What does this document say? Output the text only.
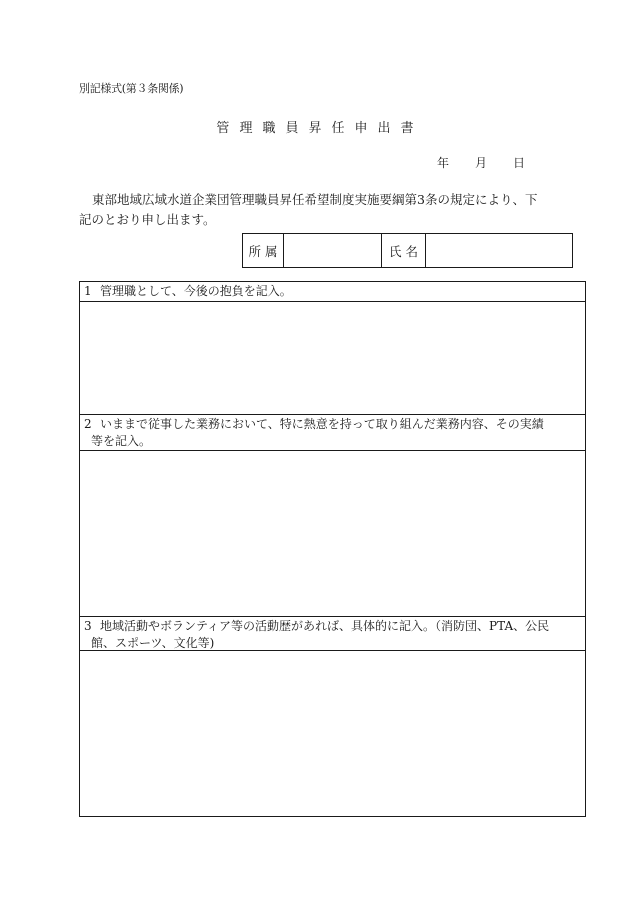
別記様式(第３条関係)
管 理 職 員 昇 任 申 出 書
年 月 日
東部地域広域水道企業団管理職員昇任希望制度実施要綱第3条の規定により、下
記のとおり申し出ます。
所 属		氏 名	
1 管理職として、今後の抱負を記入。
2 いままで従事した業務において、特に熱意を持って取り組んだ業務内容、その実績
等を記入。
3 地域活動やボランティア等の活動歴があれば、具体的に記入。（消防団、PTA、公民
館、スポーツ、文化等)
